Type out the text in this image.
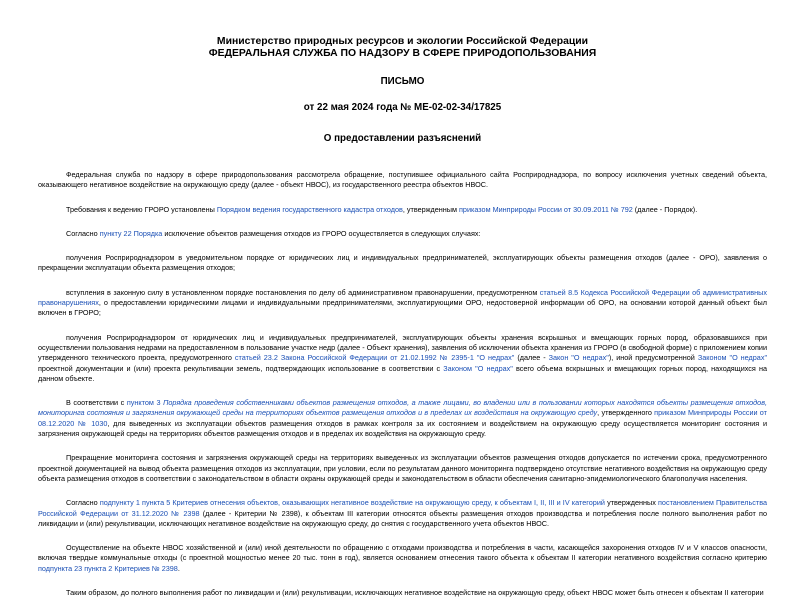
Министерство природных ресурсов и экологии Российской Федерации
ФЕДЕРАЛЬНАЯ СЛУЖБА ПО НАДЗОРУ В СФЕРЕ ПРИРОДОПОЛЬЗОВАНИЯ
ПИСЬМО
от 22 мая 2024 года № МЕ-02-02-34/17825
О предоставлении разъяснений

Федеральная служба по надзору в сфере природопользования рассмотрела обращение, поступившее официального сайта Росприроднадзора, по вопросу исключения учетных сведений объекта, оказывающего негативное воздействие на окружающую среду (далее - объект НВОС), из государственного реестра объектов НВОС.

Требования к ведению ГРОРО установлены Порядком ведения государственного кадастра отходов, утвержденным приказом Минприроды России от 30.09.2011 № 792 (далее - Порядок).

Согласно пункту 22 Порядка исключение объектов размещения отходов из ГРОРО осуществляется в следующих случаях:

получения Росприроднадзором в уведомительном порядке от юридических лиц и индивидуальных предпринимателей, эксплуатирующих объекты размещения отходов (далее - ОРО), заявления о прекращении эксплуатации объекта размещения отходов;

вступления в законную силу в установленном порядке постановления по делу об административном правонарушении, предусмотренном статьей 8.5 Кодекса Российской Федерации об административных правонарушениях, о предоставлении юридическими лицами и индивидуальными предпринимателями, эксплуатирующими ОРО, недостоверной информации об ОРО, на основании которой данный объект был включен в ГРОРО;

получения Росприроднадзором от юридических лиц и индивидуальных предпринимателей, эксплуатирующих объекты хранения вскрышных и вмещающих горных пород, образовавшихся при осуществлении пользования недрами на предоставленном в пользование участке недр (далее - Объект хранения), заявления об исключении объекта хранения из ГРОРО (в свободной форме) с приложением копии утвержденного технического проекта, предусмотренного статьей 23.2 Закона Российской Федерации от 21.02.1992 № 2395-1 "О недрах" (далее - Закон "О недрах"), иной предусмотренной Законом "О недрах" проектной документации и (или) проекта рекультивации земель, подтверждающих использование в соответствии с Законом "О недрах" всего объема вскрышных и вмещающих горных пород, находящихся на данном объекте.

В соответствии с пунктом 3 Порядка проведения собственниками объектов размещения отходов, а также лицами, во владении или в пользовании которых находятся объекты размещения отходов, мониторинга состояния и загрязнения окружающей среды на территориях объектов размещения отходов и в пределах их воздействия на окружающую среду, утвержденного приказом Минприроды России от 08.12.2020 № 1030, для выведенных из эксплуатации объектов размещения отходов в рамках контроля за их состоянием и воздействием на окружающую среду осуществляется мониторинг состояния и загрязнения окружающей среды на территориях объектов размещения отходов и в пределах их воздействия на окружающую среду.

Прекращение мониторинга состояния и загрязнения окружающей среды на территориях выведенных из эксплуатации объектов размещения отходов допускается по истечении срока, предусмотренного проектной документацией на вывод объекта размещения отходов из эксплуатации, при условии, если по результатам данного мониторинга подтверждено отсутствие негативного воздействия на окружающую среду объекта размещения отходов в соответствии с законодательством в области охраны окружающей среды и законодательством в области обеспечения санитарно-эпидемиологического благополучия населения.

Согласно подпункту 1 пункта 5 Критериев отнесения объектов, оказывающих негативное воздействие на окружающую среду, к объектам I, II, III и IV категорий утвержденных постановлением Правительства Российской Федерации от 31.12.2020 № 2398 (далее - Критерии № 2398), к объектам III категории относятся объекты размещения отходов производства и потребления после полного выполнения работ по ликвидации и (или) рекультивации, исключающих негативное воздействие на окружающую среду, до снятия с государственного учета объектов НВОС.

Осуществление на объекте НВОС хозяйственной и (или) иной деятельности по обращению с отходами производства и потребления в части, касающейся захоронения отходов IV и V классов опасности, включая твердые коммунальные отходы (с проектной мощностью менее 20 тыс. тонн в год), является основанием отнесения такого объекта к объектам II категории негативного воздействия согласно критерию подпункта 23 пункта 2 Критериев № 2398.

Таким образом, до полного выполнения работ по ликвидации и (или) рекультивации, исключающих негативное воздействие на окружающую среду, объект НВОС может быть отнесен к объектам II категории
